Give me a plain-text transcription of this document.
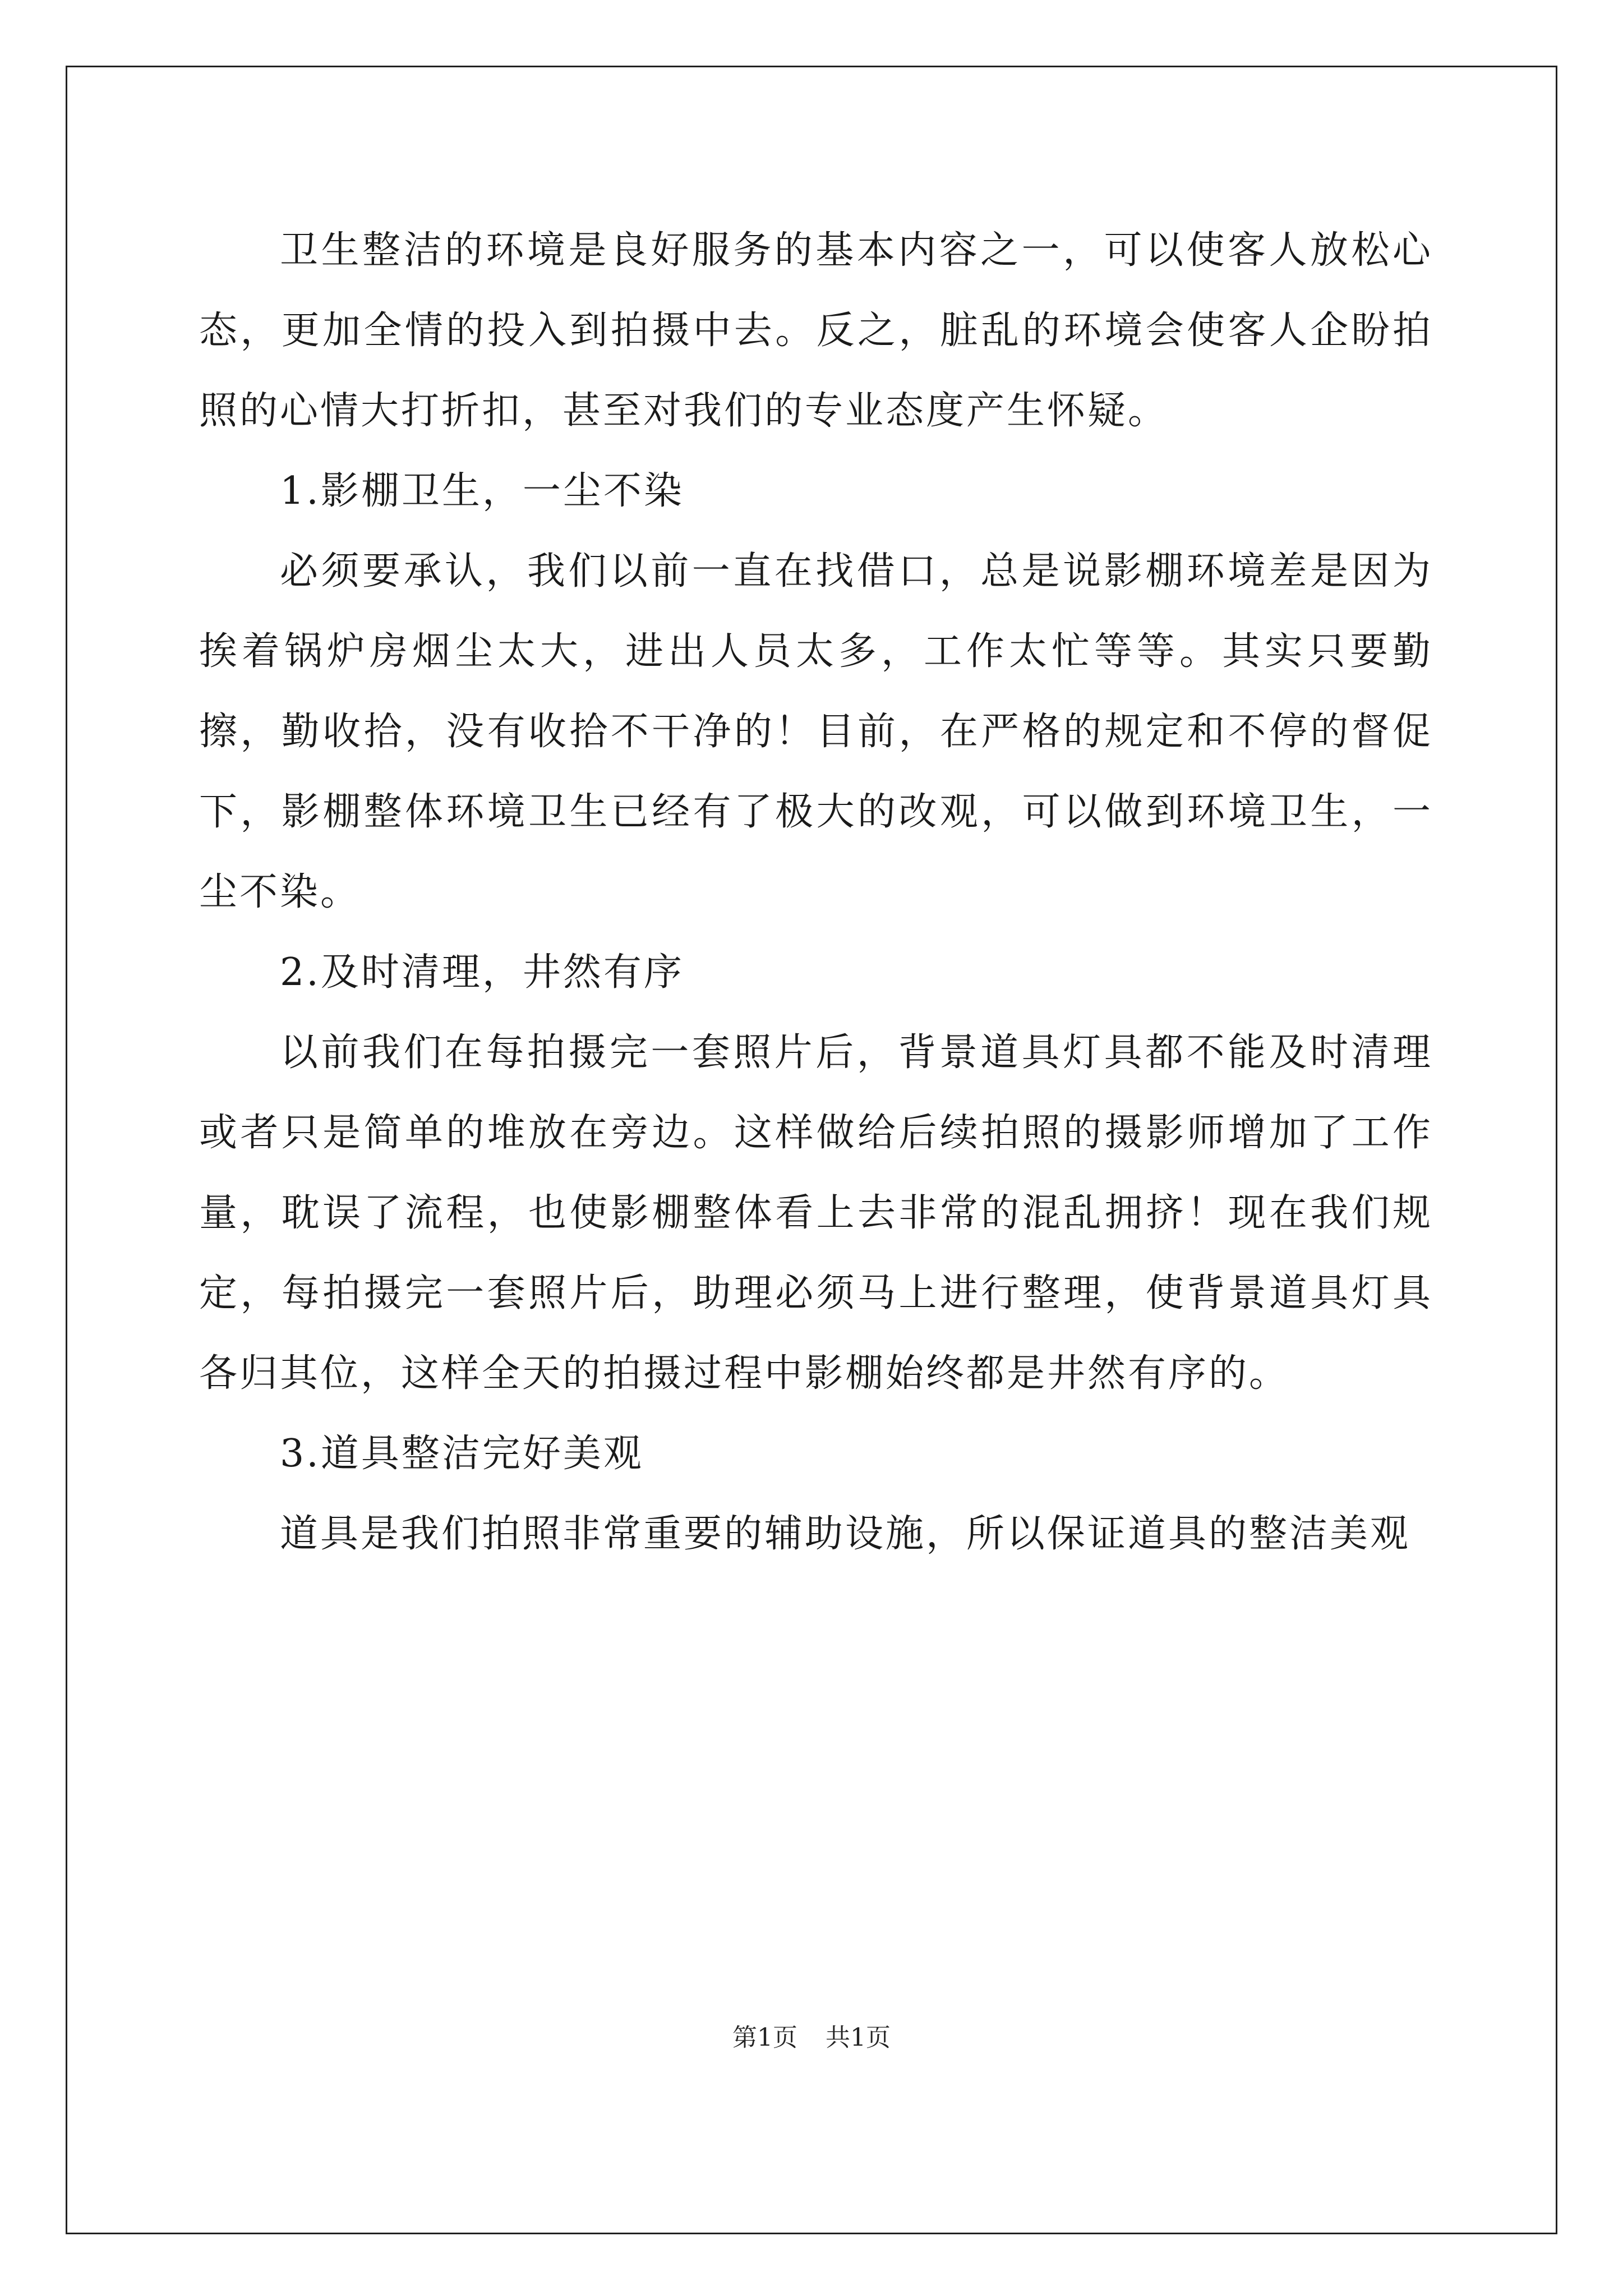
卫生整洁的环境是良好服务的基本内容之一，可以使客人放松心态，更加全情的投入到拍摄中去。反之，脏乱的环境会使客人企盼拍照的心情大打折扣，甚至对我们的专业态度产生怀疑。

1.影棚卫生，一尘不染

必须要承认，我们以前一直在找借口，总是说影棚环境差是因为挨着锅炉房烟尘太大，进出人员太多，工作太忙等等。其实只要勤擦，勤收拾，没有收拾不干净的！目前，在严格的规定和不停的督促下，影棚整体环境卫生已经有了极大的改观，可以做到环境卫生，一尘不染。

2.及时清理，井然有序

以前我们在每拍摄完一套照片后，背景道具灯具都不能及时清理或者只是简单的堆放在旁边。这样做给后续拍照的摄影师增加了工作量，耽误了流程，也使影棚整体看上去非常的混乱拥挤！现在我们规定，每拍摄完一套照片后，助理必须马上进行整理，使背景道具灯具各归其位，这样全天的拍摄过程中影棚始终都是井然有序的。

3.道具整洁完好美观

道具是我们拍照非常重要的辅助设施，所以保证道具的整洁美观

第1页 共1页
